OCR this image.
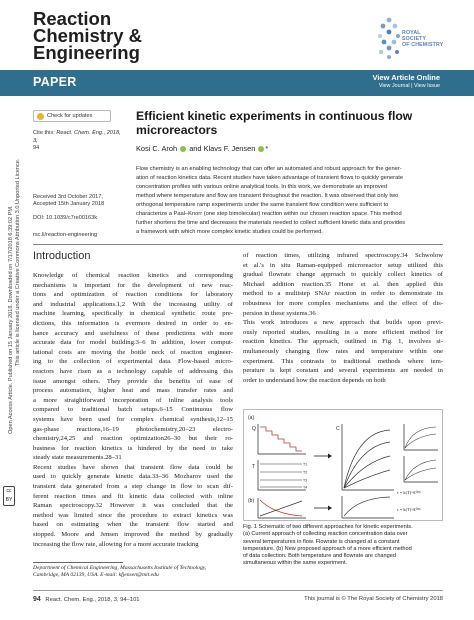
Reaction
Chemistry &
Engineering
ROYAL SOCIETY
OF CHEMISTRY
PAPER	View Article Online
View Journal | View Issue
Open Access Article. Published on 15 January 2018. Downloaded on 7/17/2018 6:39:02 PM. This article is licensed under a Creative Commons Attribution 3.0 Unported Licence.
cc
BY
Check for updates
Cite this: React. Chem. Eng., 2018, 3,
94
Efficient kinetic experiments in continuous flow
microreactors
Kosi C. Aroh  and Klavs F. Jensen *
Received 3rd October 2017,
Accepted 15th January 2018
DOI: 10.1039/c7re00163k
rsc.li/reaction-engineering
Flow chemistry is an enabling technology that can offer an automated and robust approach for the gener-
ation of reaction kinetics data. Recent studies have taken advantage of transient flows to quickly generate
concentration profiles with various online analytical tools. In this work, we demonstrate an improved
method where temperature and flow are transient throughout the reaction. It was observed that only two
orthogonal temperature ramp experiments under the same transient flow condition were sufficient to
characterize a Paal–Knorr (one step bimolecular) reaction within our chosen reaction space. This method
further shortens the time and decreases the materials needed to collect sufficient kinetic data and provides
a framework with which more complex kinetic studies could be performed.
Introduction
Knowledge of chemical reaction kinetics and corresponding
mechanisms is important for the development of new reac-
tions and optimization of reaction conditions for laboratory
and industrial applications.1,2 With the increasing utility of
machine learning, specifically in chemical synthetic route pre-
dictions, this information is evermore desired in order to en-
hance accuracy and usefulness of these predictions with more
accurate data for model building.3–6 In addition, lower comput-
tational costs are moving the bottle neck of reaction engineer-
ing to the collection of experimental data. Flow-based micro-
reactors have risen as a technology capable of addressing this
issue amongst others. They provide the benefits of ease of
process automation, higher heat and mass transfer rates and
a more straightforward incorporation of inline analysis tools
compared to traditional batch setups.6–15 Continuous flow
systems have been used for complex chemical synthesis,12–15
gas-phase reactions,16–19 photochemistry,20–23 electro-
chemistry,24,25 and reaction optimization26–30 but their ro-
bustness for reaction kinetics is hindered by the need to take
steady state measurements.28–31
Recent studies have shown that transient flow data could be
used to quickly generate kinetic data.33–36 Mozharov used the
transient data generated from a step change in flow to scan dif-
ferent reaction times and fit kinetic data collected with inline
Raman spectroscopy.32 However it was concluded that the
method was limited since the procedure to extract kinetics was
based on estimating when the transient flow started and
stopped. Moore and Jensen improved the method by gradually
increasing the flow rate, allowing for a more accurate tracking
of reaction times, utilizing infrared spectroscopy.34 Schwolow
et al.'s in situ Raman-equipped microreactor setup utilized this
gradual flowrate change approach to quickly collect kinetics of
Michael addition reaction.35 Hone et al. then applied this
method to a multistep SNAr reaction in order to demonstrate its
robustness for more complex mechanisms and the effect of dis-
persion in these systems.36
This work introduces a new approach that builds upon previ-
ously reported studies, resulting in a more efficient method for
reaction kinetics. The approach, outlined in Fig. 1, involves si-
multaneously changing flow rates and temperature within one
experiment. This contrasts to traditional methods where tem-
perature is kept constant and several experiments are needed in
order to understand how the reaction depends on both
(a)
Q
T	T1
T2
T3
T4
C
τ = k(T)ᵃA⁰ᴮᵝ
(b)
τ = k(T)ᵃA⁰ᴮᵝ
Fig. 1 Schematic of two different approaches for kinetic experiments.
(a) Current approach of collecting reaction concentration data over
several temperatures in flow. Flowrate is changed at a constant
temperature. (b) New proposed approach of a more efficient method
of data collection. Both temperature and flowrate are changed
simultaneous within the same experiment.
Department of Chemical Engineering, Massachusetts Institute of Technology, Cambridge, MA 02139, USA. E-mail: kfjensen@mit.edu
94 React. Chem. Eng., 2018, 3, 94–101	This journal is © The Royal Society of Chemistry 2018
